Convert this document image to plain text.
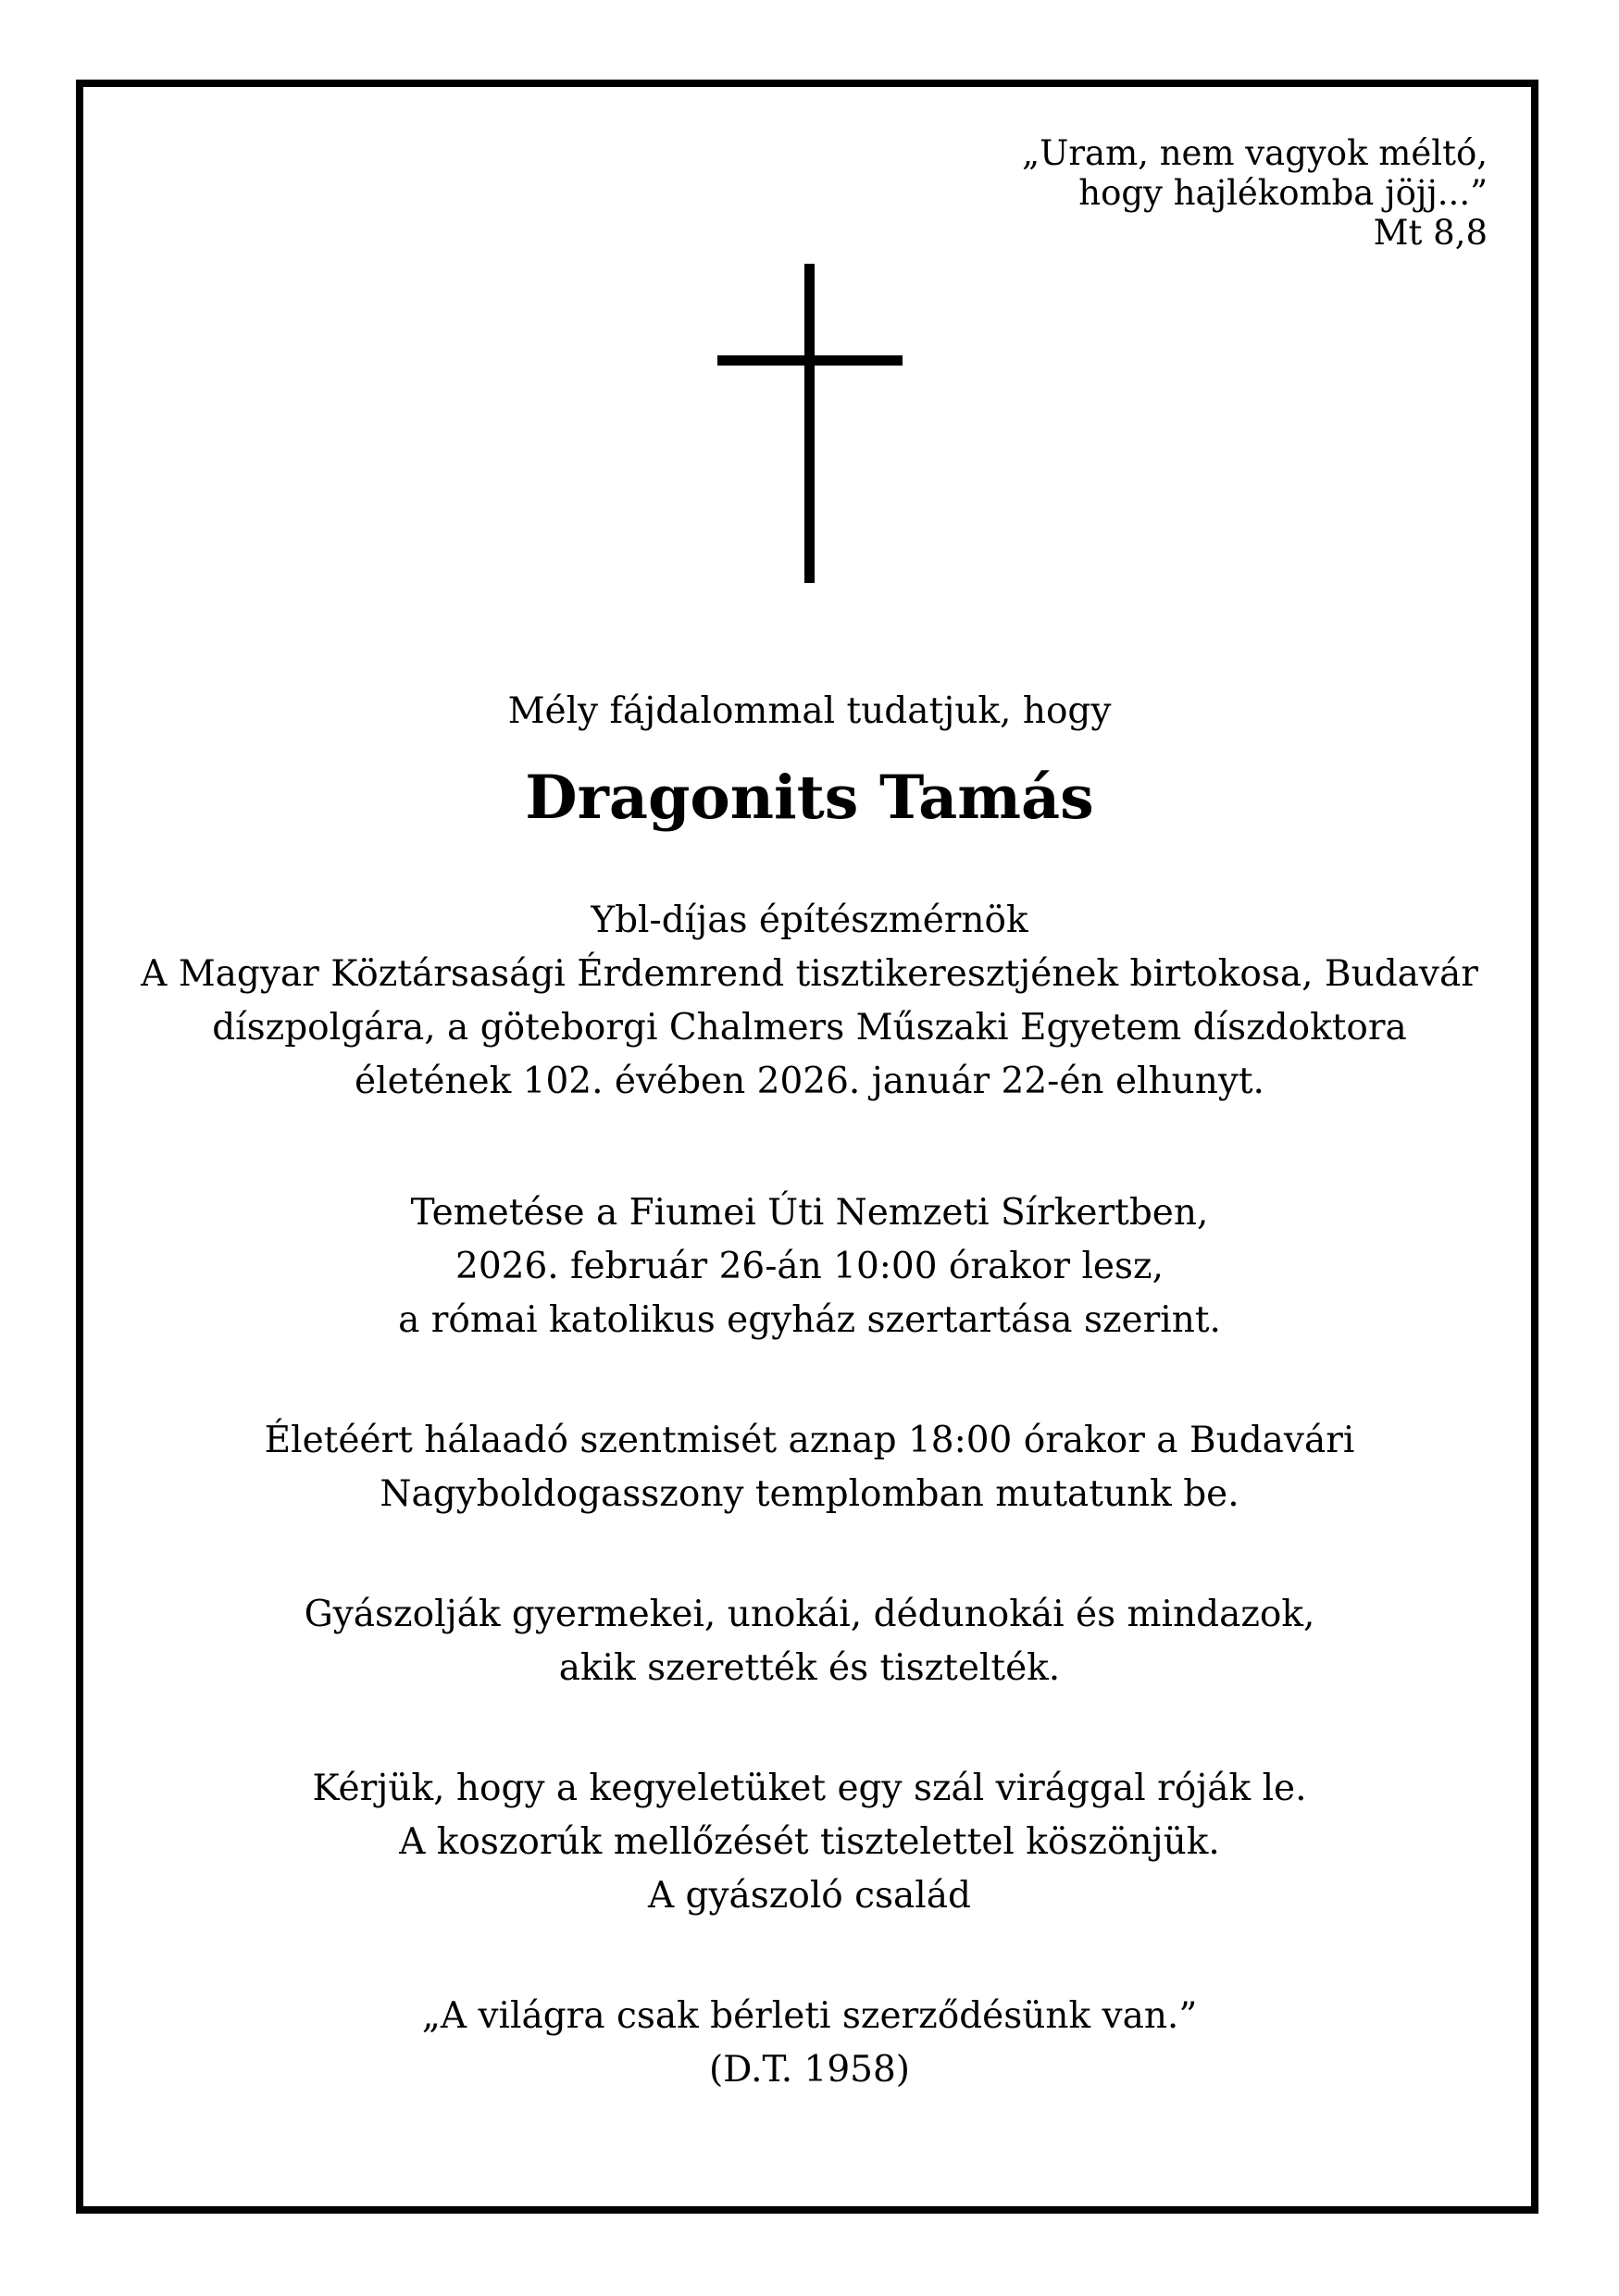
„Uram, nem vagyok méltó,
hogy hajlékomba jöjj...”
Mt 8,8
Mély fájdalommal tudatjuk, hogy
Dragonits Tamás
Ybl-díjas építészmérnök
A Magyar Köztársasági Érdemrend tisztikeresztjének birtokosa, Budavár
díszpolgára, a göteborgi Chalmers Műszaki Egyetem díszdoktora
életének 102. évében 2026. január 22-én elhunyt.
Temetése a Fiumei Úti Nemzeti Sírkertben,
2026. február 26-án 10:00 órakor lesz,
a római katolikus egyház szertartása szerint.
Életéért hálaadó szentmisét aznap 18:00 órakor a Budavári
Nagyboldogasszony templomban mutatunk be.
Gyászolják gyermekei, unokái, dédunokái és mindazok,
akik szerették és tisztelték.
Kérjük, hogy a kegyeletüket egy szál virággal róják le.
A koszorúk mellőzését tisztelettel köszönjük.
A gyászoló család
„A világra csak bérleti szerződésünk van.”
(D.T. 1958)
